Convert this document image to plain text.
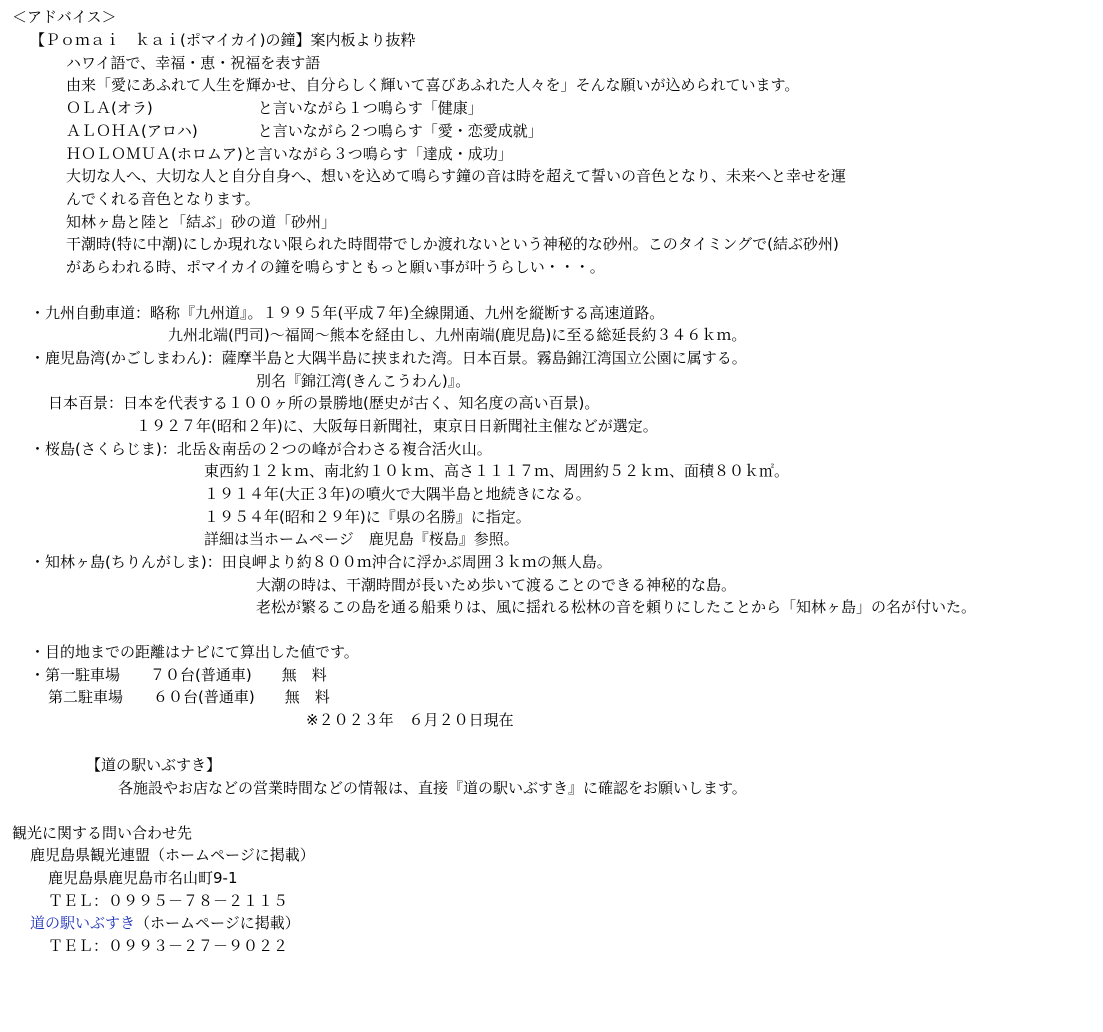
＜アドバイス＞
【Ｐｏｍａｉ　ｋａｉ(ポマイカイ)の鐘】案内板より抜粋
ハワイ語で、幸福・恵・祝福を表す語
由来「愛にあふれて人生を輝かせ、自分らしく輝いて喜びあふれた人々を」そんな願いが込められています。
ＯＬＡ(オラ)　　　　　　　と言いながら１つ鳴らす「健康」
ＡＬＯＨＡ(アロハ)　　　　と言いながら２つ鳴らす「愛・恋愛成就」
ＨＯＬＯＭＵＡ(ホロムア)と言いながら３つ鳴らす「達成・成功」
大切な人へ、大切な人と自分自身へ、想いを込めて鳴らす鐘の音は時を超えて誓いの音色となり、未来へと幸せを運
んでくれる音色となります。
知林ヶ島と陸と「結ぶ」砂の道「砂州」
干潮時(特に中潮)にしか現れない限られた時間帯でしか渡れないという神秘的な砂州。このタイミングで(結ぶ砂州)
があらわれる時、ポマイカイの鐘を鳴らすともっと願い事が叶うらしい・・・。
・九州自動車道：略称『九州道』。１９９５年(平成７年)全線開通、九州を縦断する高速道路。
九州北端(門司)～福岡～熊本を経由し、九州南端(鹿児島)に至る総延長約３４６ｋｍ。
・鹿児島湾(かごしまわん)：薩摩半島と大隅半島に挟まれた湾。日本百景。霧島錦江湾国立公園に属する。
別名『錦江湾(きんこうわん)』。
日本百景：日本を代表する１００ヶ所の景勝地(歴史が古く、知名度の高い百景)。
１９２７年(昭和２年)に、大阪毎日新聞社，東京日日新聞社主催などが選定。
・桜島(さくらじま)：北岳＆南岳の２つの峰が合わさる複合活火山。
東西約１２ｋｍ、南北約１０ｋｍ、高さ１１１７ｍ、周囲約５２ｋｍ、面積８０ｋ㎡。
１９１４年(大正３年)の噴火で大隅半島と地続きになる。
１９５４年(昭和２９年)に『県の名勝』に指定。
詳細は当ホームページ　鹿児島『桜島』参照。
・知林ヶ島(ちりんがしま)：田良岬より約８００ｍ沖合に浮かぶ周囲３ｋｍの無人島。
大潮の時は、干潮時間が長いため歩いて渡ることのできる神秘的な島。
老松が繁るこの島を通る船乗りは、風に揺れる松林の音を頼りにしたことから「知林ヶ島」の名が付いた。
・目的地までの距離はナビにて算出した値です。
・第一駐車場　　７０台(普通車)　　無　料
第二駐車場　　６０台(普通車)　　無　料
※２０２３年　６月２０日現在
【道の駅いぶすき】
各施設やお店などの営業時間などの情報は、直接『道の駅いぶすき』に確認をお願いします。
観光に関する問い合わせ先
鹿児島県観光連盟（ホームページに掲載）
鹿児島県鹿児島市名山町9-1
ＴＥＬ：０９９５－７８－２１１５
道の駅いぶすき（ホームページに掲載）
ＴＥＬ：０９９３－２７－９０２２
